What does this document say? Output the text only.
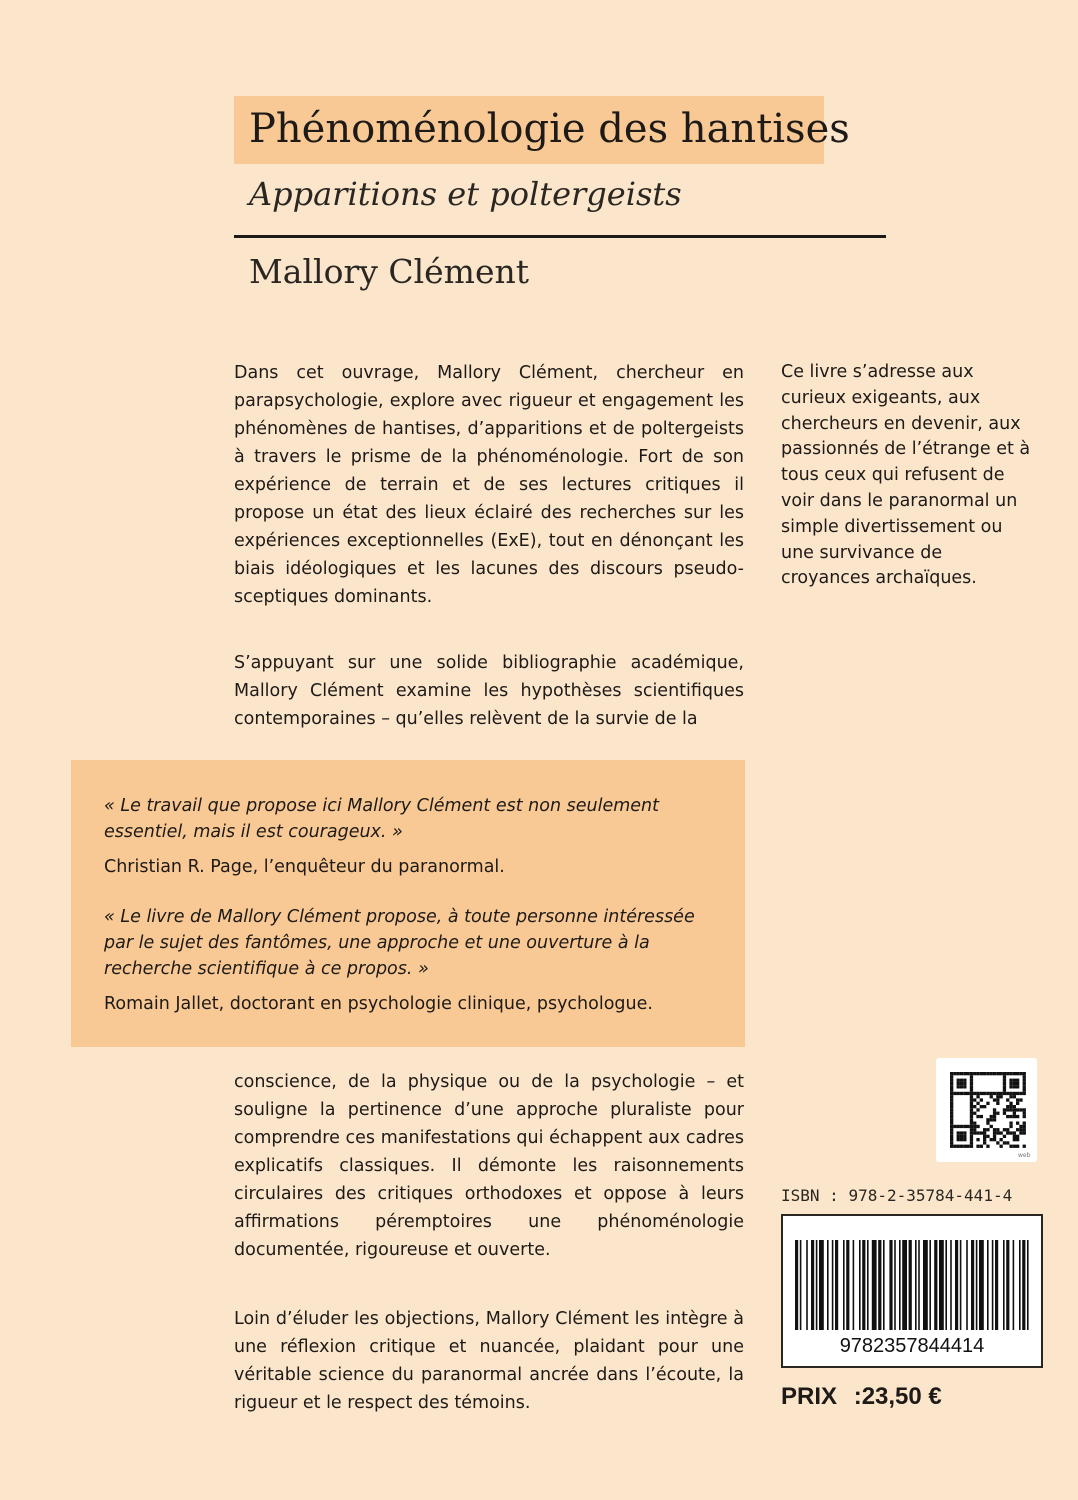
Phénoménologie des hantises
Apparitions et poltergeists
Mallory Clément

Dans cet ouvrage, Mallory Clément, chercheur en parapsychologie, explore avec rigueur et engagement les phénomènes de hantises, d’apparitions et de poltergeists à travers le prisme de la phénoménologie. Fort de son expérience de terrain et de ses lectures critiques il propose un état des lieux éclairé des recherches sur les expériences exceptionnelles (ExE), tout en dénonçant les biais idéologiques et les lacunes des discours pseudo-sceptiques dominants.

S’appuyant sur une solide bibliographie académique, Mallory Clément examine les hypothèses scientifiques contemporaines – qu’elles relèvent de la survie de la

Ce livre s’adresse aux curieux exigeants, aux chercheurs en devenir, aux passionnés de l’étrange et à tous ceux qui refusent de voir dans le paranormal un simple divertissement ou une survivance de croyances archaïques.

« Le travail que propose ici Mallory Clément est non seulement essentiel, mais il est courageux. »

Christian R. Page, l’enquêteur du paranormal.

« Le livre de Mallory Clément propose, à toute personne intéressée par le sujet des fantômes, une approche et une ouverture à la recherche scientifique à ce propos. »

Romain Jallet, doctorant en psychologie clinique, psychologue.

conscience, de la physique ou de la psychologie – et souligne la pertinence d’une approche pluraliste pour comprendre ces manifestations qui échappent aux cadres explicatifs classiques. Il démonte les raisonnements circulaires des critiques orthodoxes et oppose à leurs affirmations péremptoires une phénoménologie documentée, rigoureuse et ouverte.

Loin d’éluder les objections, Mallory Clément les intègre à une réflexion critique et nuancée, plaidant pour une véritable science du paranormal ancrée dans l’écoute, la rigueur et le respect des témoins.

web
ISBN : 978-2-35784-441-4
9782357844414
PRIX :23,50 €
